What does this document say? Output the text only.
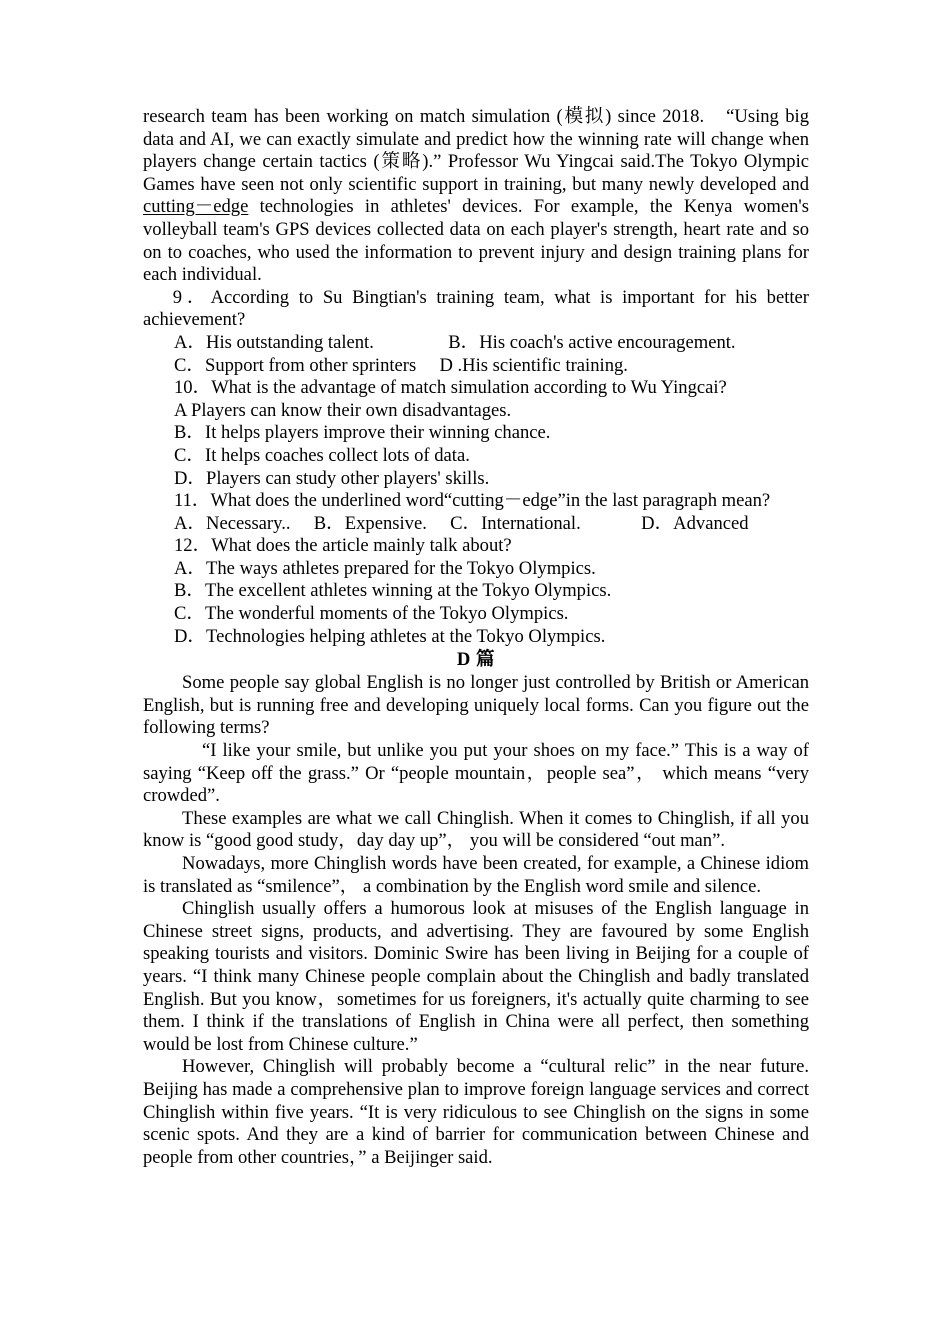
research team has been working on match simulation (模拟) since 2018.　“Using big data and AI, we can exactly simulate and predict how the winning rate will change when players change certain tactics (策略).” Professor Wu Yingcai said.The Tokyo Olympic Games have seen not only scientific support in training, but many newly developed and cutting－edge technologies in athletes' devices. For example, the Kenya women's volleyball team's GPS devices collected data on each player's strength, heart rate and so on to coaches, who used the information to prevent injury and design training plans for each individual.

9．According to Su Bingtian's training team, what is important for his better achievement?

A．His outstanding talent.　　　　B．His coach's active encouragement.

C．Support from other sprinters　 D .His scientific training.

10．What is the advantage of match simulation according to Wu Yingcai?

A Players can know their own disadvantages.

B．It helps players improve their winning chance.

C．It helps coaches collect lots of data.

D．Players can study other players' skills.

11．What does the underlined word“cutting－edge”in the last paragraph mean?

A．Necessary..　 B．Expensive.　 C．International.　　　 D．Advanced

12．What does the article mainly talk about?

A．The ways athletes prepared for the Tokyo Olympics.

B．The excellent athletes winning at the Tokyo Olympics.

C．The wonderful moments of the Tokyo Olympics.

D．Technologies helping athletes at the Tokyo Olympics.

D 篇

Some people say global English is no longer just controlled by British or American English, but is running free and developing uniquely local forms. Can you figure out the following terms?

　“I like your smile, but unlike you put your shoes on my face.” This is a way of saying “Keep off the grass.” Or “people mountain，people sea”， which means “very crowded”.

These examples are what we call Chinglish. When it comes to Chinglish, if all you know is “good good study，day day up”， you will be considered “out man”.

Nowadays, more Chinglish words have been created, for example, a Chinese idiom is translated as “smilence”， a combination by the English word smile and silence.

Chinglish usually offers a humorous look at misuses of the English language in Chinese street signs, products, and advertising. They are favoured by some English speaking tourists and visitors. Dominic Swire has been living in Beijing for a couple of years. “I think many Chinese people complain about the Chinglish and badly translated English. But you know，sometimes for us foreigners, it's actually quite charming to see them. I think if the translations of English in China were all perfect, then something would be lost from Chinese culture.”

However, Chinglish will probably become a “cultural relic” in the near future. Beijing has made a comprehensive plan to improve foreign language services and correct Chinglish within five years. “It is very ridiculous to see Chinglish on the signs in some scenic spots. And they are a kind of barrier for communication between Chinese and people from other countries，” a Beijinger said.
